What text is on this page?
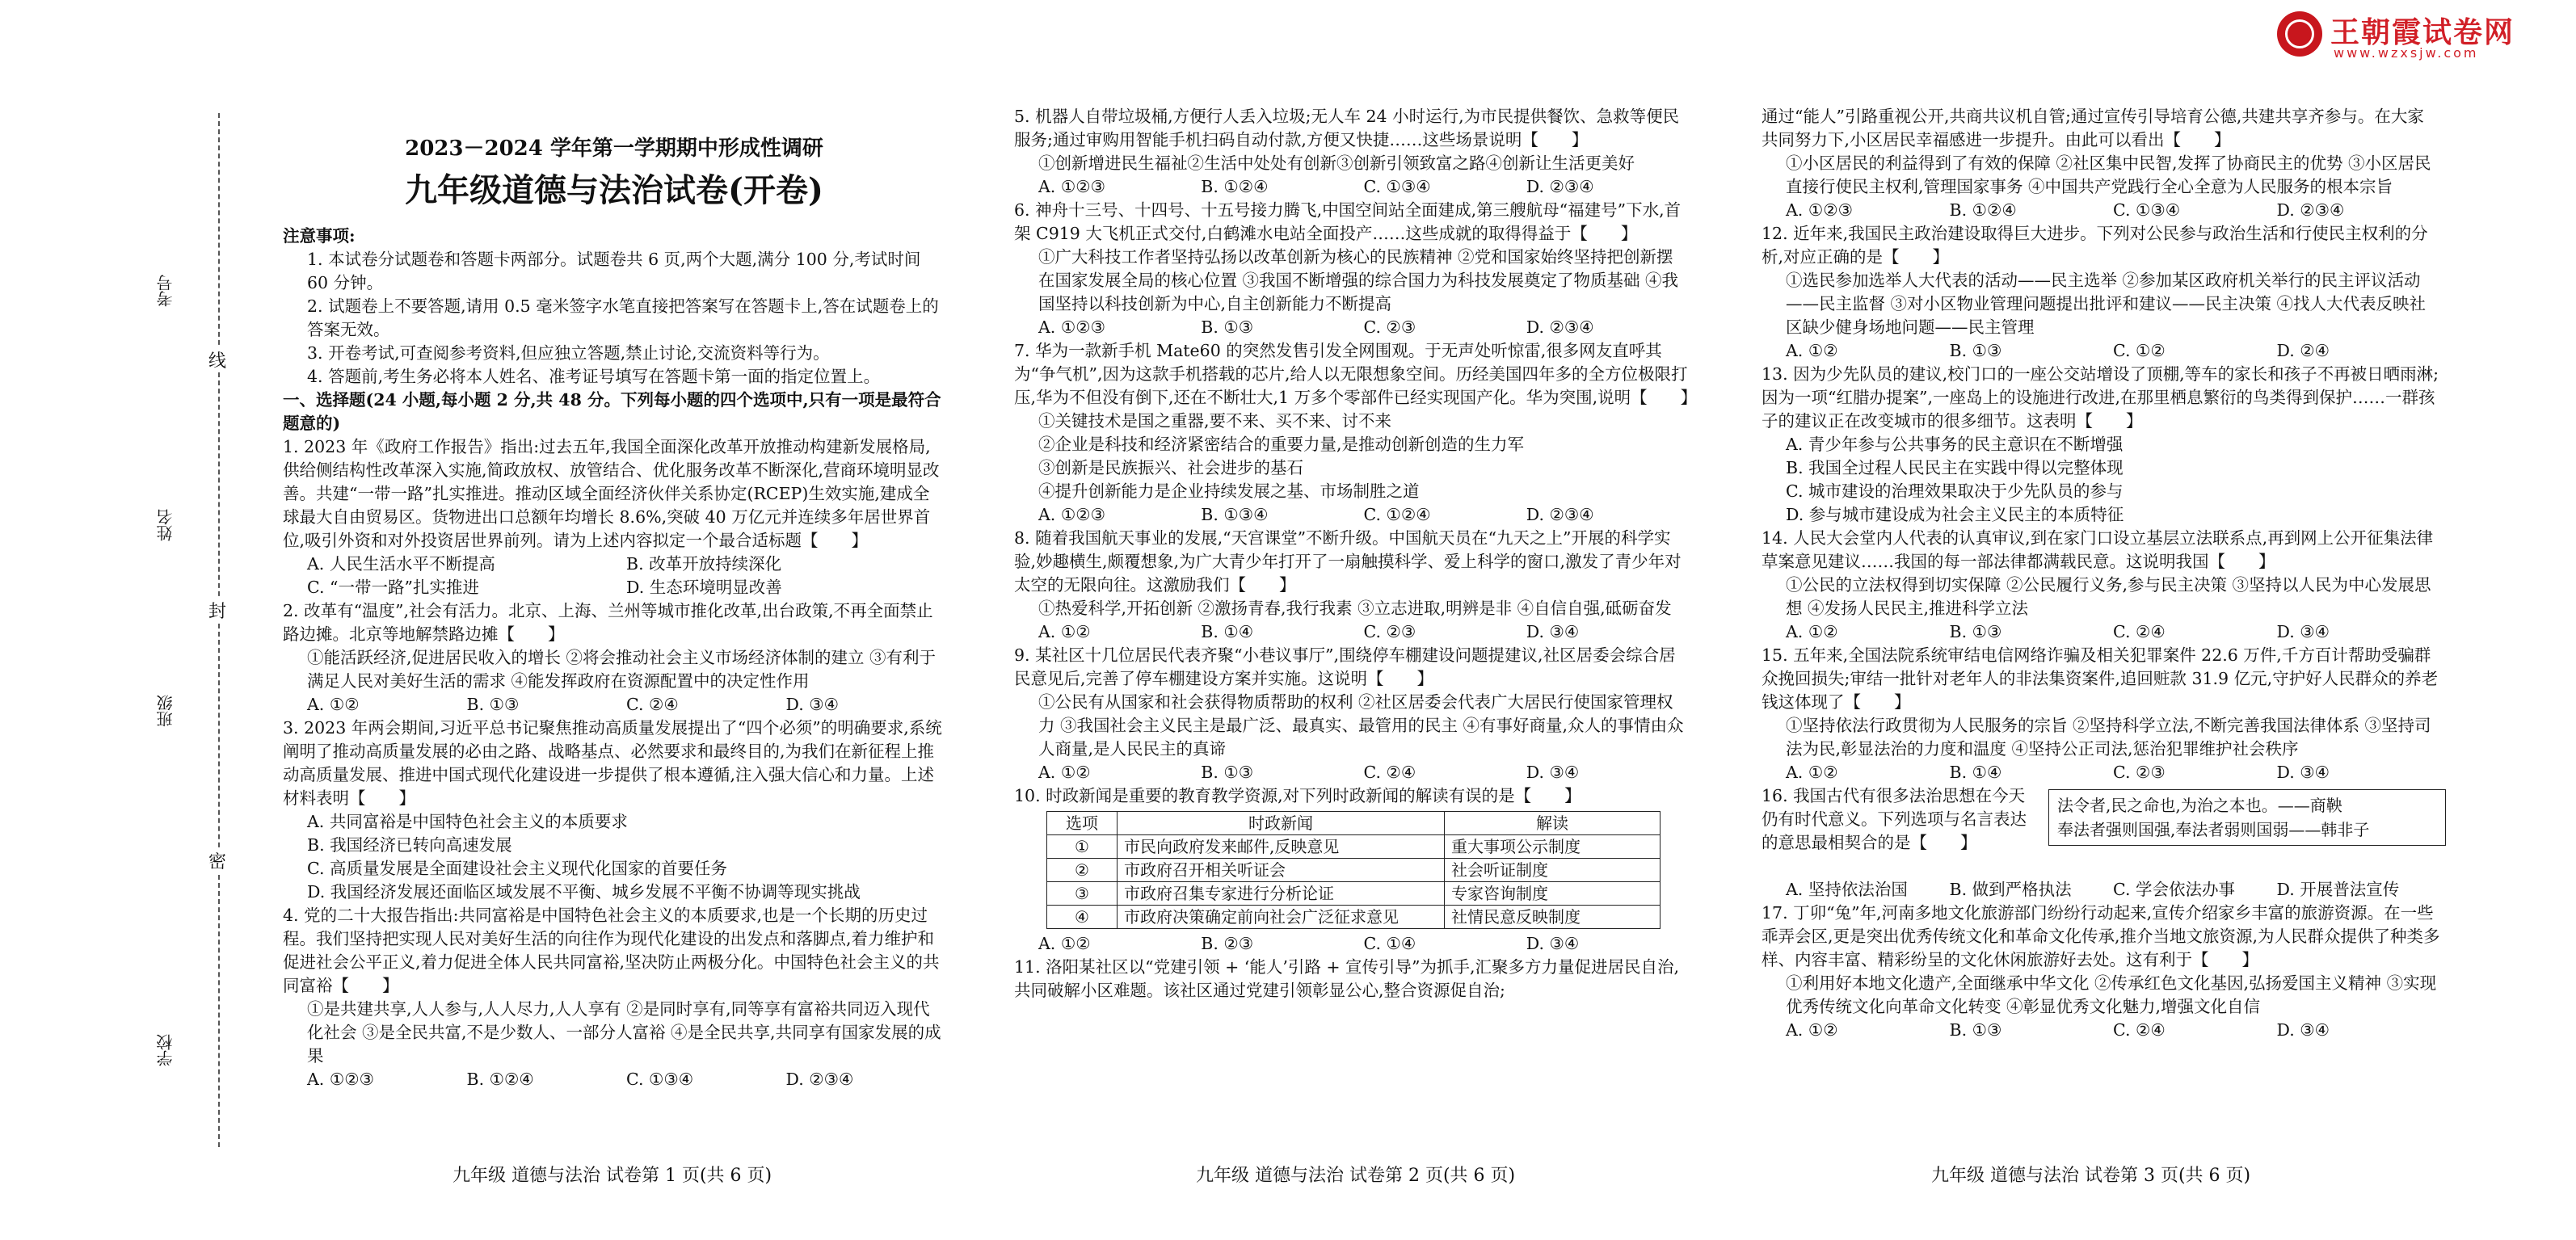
王朝霞试卷网
www.wzxsjw.com
考号
线
姓名
封
班级
密
学校

2023－2024 学年第一学期期中形成性调研

九年级道德与法治试卷(开卷)

注意事项:

1. 本试卷分试题卷和答题卡两部分。试题卷共 6 页,两个大题,满分 100 分,考试时间 60 分钟。

2. 试题卷上不要答题,请用 0.5 毫米签字水笔直接把答案写在答题卡上,答在试题卷上的答案无效。

3. 开卷考试,可查阅参考资料,但应独立答题,禁止讨论,交流资料等行为。

4. 答题前,考生务必将本人姓名、准考证号填写在答题卡第一面的指定位置上。

一、选择题(24 小题,每小题 2 分,共 48 分。下列每小题的四个选项中,只有一项是最符合题意的)

1. 2023 年《政府工作报告》指出:过去五年,我国全面深化改革开放推动构建新发展格局,供给侧结构性改革深入实施,简政放权、放管结合、优化服务改革不断深化,营商环境明显改善。共建“一带一路”扎实推进。推动区域全面经济伙伴关系协定(RCEP)生效实施,建成全球最大自由贸易区。货物进出口总额年均增长 8.6%,突破 40 万亿元并连续多年居世界首位,吸引外资和对外投资居世界前列。请为上述内容拟定一个最合适标题【　　】

A. 人民生活水平不断提高	B. 改革开放持续深化
C. “一带一路”扎实推进	D. 生态环境明显改善

2. 改革有“温度”,社会有活力。北京、上海、兰州等城市推化改革,出台政策,不再全面禁止路边摊。北京等地解禁路边摊【　　】

①能活跃经济,促进居民收入的增长 ②将会推动社会主义市场经济体制的建立 ③有利于满足人民对美好生活的需求 ④能发挥政府在资源配置中的决定性作用

A. ①②	B. ①③	C. ②④	D. ③④

3. 2023 年两会期间,习近平总书记聚焦推动高质量发展提出了“四个必须”的明确要求,系统阐明了推动高质量发展的必由之路、战略基点、必然要求和最终目的,为我们在新征程上推动高质量发展、推进中国式现代化建设进一步提供了根本遵循,注入强大信心和力量。上述材料表明【　　】

A. 共同富裕是中国特色社会主义的本质要求

B. 我国经济已转向高速发展

C. 高质量发展是全面建设社会主义现代化国家的首要任务

D. 我国经济发展还面临区域发展不平衡、城乡发展不平衡不协调等现实挑战

4. 党的二十大报告指出:共同富裕是中国特色社会主义的本质要求,也是一个长期的历史过程。我们坚持把实现人民对美好生活的向往作为现代化建设的出发点和落脚点,着力维护和促进社会公平正义,着力促进全体人民共同富裕,坚决防止两极分化。中国特色社会主义的共同富裕【　　】

①是共建共享,人人参与,人人尽力,人人享有 ②是同时享有,同等享有富裕共同迈入现代化社会 ③是全民共富,不是少数人、一部分人富裕 ④是全民共享,共同享有国家发展的成果

A. ①②③	B. ①②④	C. ①③④	D. ②③④

5. 机器人自带垃圾桶,方便行人丢入垃圾;无人车 24 小时运行,为市民提供餐饮、急救等便民服务;通过审购用智能手机扫码自动付款,方便又快捷……这些场景说明【　　】

①创新增进民生福祉②生活中处处有创新③创新引领致富之路④创新让生活更美好

A. ①②③	B. ①②④	C. ①③④	D. ②③④

6. 神舟十三号、十四号、十五号接力腾飞,中国空间站全面建成,第三艘航母“福建号”下水,首架 C919 大飞机正式交付,白鹤滩水电站全面投产……这些成就的取得得益于【　　】

①广大科技工作者坚持弘扬以改革创新为核心的民族精神 ②党和国家始终坚持把创新摆在国家发展全局的核心位置 ③我国不断增强的综合国力为科技发展奠定了物质基础 ④我国坚持以科技创新为中心,自主创新能力不断提高

A. ①②③	B. ①③	C. ②③	D. ②③④

7. 华为一款新手机 Mate60 的突然发售引发全网围观。于无声处听惊雷,很多网友直呼其为“争气机”,因为这款手机搭载的芯片,给人以无限想象空间。历经美国四年多的全方位极限打压,华为不但没有倒下,还在不断壮大,1 万多个零部件已经实现国产化。华为突围,说明【　　】

①关键技术是国之重器,要不来、买不来、讨不来

②企业是科技和经济紧密结合的重要力量,是推动创新创造的生力军

③创新是民族振兴、社会进步的基石

④提升创新能力是企业持续发展之基、市场制胜之道

A. ①②③	B. ①③④	C. ①②④	D. ②③④

8. 随着我国航天事业的发展,“天宫课堂”不断升级。中国航天员在“九天之上”开展的科学实验,妙趣横生,颇覆想象,为广大青少年打开了一扇触摸科学、爱上科学的窗口,激发了青少年对太空的无限向往。这激励我们【　　】

①热爱科学,开拓创新 ②激扬青春,我行我素 ③立志进取,明辨是非 ④自信自强,砥砺奋发

A. ①②	B. ①④	C. ②③	D. ③④

9. 某社区十几位居民代表齐聚“小巷议事厅”,围绕停车棚建设问题提建议,社区居委会综合居民意见后,完善了停车棚建设方案并实施。这说明【　　】

①公民有从国家和社会获得物质帮助的权利 ②社区居委会代表广大居民行使国家管理权力 ③我国社会主义民主是最广泛、最真实、最管用的民主 ④有事好商量,众人的事情由众人商量,是人民民主的真谛

A. ①②	B. ①③	C. ②④	D. ③④

10. 时政新闻是重要的教育教学资源,对下列时政新闻的解读有误的是【　　】

选项	时政新闻	解读
①	市民向政府发来邮件,反映意见	重大事项公示制度
②	市政府召开相关听证会	社会听证制度
③	市政府召集专家进行分析论证	专家咨询制度
④	市政府决策确定前向社会广泛征求意见	社情民意反映制度
A. ①②	B. ②③	C. ①④	D. ③④

11. 洛阳某社区以“党建引领 + ‘能人’引路 + 宣传引导”为抓手,汇聚多方力量促进居民自治,共同破解小区难题。该社区通过党建引领彰显公心,整合资源促自治;

通过“能人”引路重视公开,共商共议机自管;通过宣传引导培育公德,共建共享齐参与。在大家共同努力下,小区居民幸福感进一步提升。由此可以看出【　　】

①小区居民的利益得到了有效的保障 ②社区集中民智,发挥了协商民主的优势 ③小区居民直接行使民主权利,管理国家事务 ④中国共产党践行全心全意为人民服务的根本宗旨

A. ①②③	B. ①②④	C. ①③④	D. ②③④

12. 近年来,我国民主政治建设取得巨大进步。下列对公民参与政治生活和行使民主权利的分析,对应正确的是【　　】

①选民参加选举人大代表的活动——民主选举 ②参加某区政府机关举行的民主评议活动——民主监督 ③对小区物业管理问题提出批评和建议——民主决策 ④找人大代表反映社区缺少健身场地问题——民主管理

A. ①②	B. ①③	C. ①②	D. ②④

13. 因为少先队员的建议,校门口的一座公交站增设了顶棚,等车的家长和孩子不再被日晒雨淋;因为一项“红腊办提案”,一座岛上的设施进行改进,在那里栖息繁衍的鸟类得到保护……一群孩子的建议正在改变城市的很多细节。这表明【　　】

A. 青少年参与公共事务的民主意识在不断增强

B. 我国全过程人民民主在实践中得以完整体现

C. 城市建设的治理效果取决于少先队员的参与

D. 参与城市建设成为社会主义民主的本质特征

14. 人民大会堂内人代表的认真审议,到在家门口设立基层立法联系点,再到网上公开征集法律草案意见建议……我国的每一部法律都满载民意。这说明我国【　　】

①公民的立法权得到切实保障 ②公民履行义务,参与民主决策 ③坚持以人民为中心发展思想 ④发扬人民民主,推进科学立法

A. ①②	B. ①③	C. ②④	D. ③④

15. 五年来,全国法院系统审结电信网络诈骗及相关犯罪案件 22.6 万件,千方百计帮助受骗群众挽回损失;审结一批针对老年人的非法集资案件,追回赃款 31.9 亿元,守护好人民群众的养老钱这体现了【　　】

①坚持依法行政贯彻为人民服务的宗旨 ②坚持科学立法,不断完善我国法律体系 ③坚持司法为民,彰显法治的力度和温度 ④坚持公正司法,惩治犯罪维护社会秩序

A. ①②	B. ①④	C. ②③	D. ③④

16. 我国古代有很多法治思想在今天仍有时代意义。下列选项与名言表达的意思最相契合的是【　　】

法令者,民之命也,为治之本也。——商鞅
奉法者强则国强,奉法者弱则国弱——韩非子
A. 坚持依法治国	B. 做到严格执法	C. 学会依法办事	D. 开展普法宣传

17. 丁卯“兔”年,河南多地文化旅游部门纷纷行动起来,宣传介绍家乡丰富的旅游资源。在一些乖弄会区,更是突出优秀传统文化和革命文化传承,推介当地文旅资源,为人民群众提供了种类多样、内容丰富、精彩纷呈的文化休闲旅游好去处。这有利于【　　】

①利用好本地文化遗产,全面继承中华文化 ②传承红色文化基因,弘扬爱国主义精神 ③实现优秀传统文化向革命文化转变 ④彰显优秀文化魅力,增强文化自信

A. ①②	B. ①③	C. ②④	D. ③④
九年级 道德与法治 试卷第 1 页(共 6 页)	九年级 道德与法治 试卷第 2 页(共 6 页)	九年级 道德与法治 试卷第 3 页(共 6 页)
